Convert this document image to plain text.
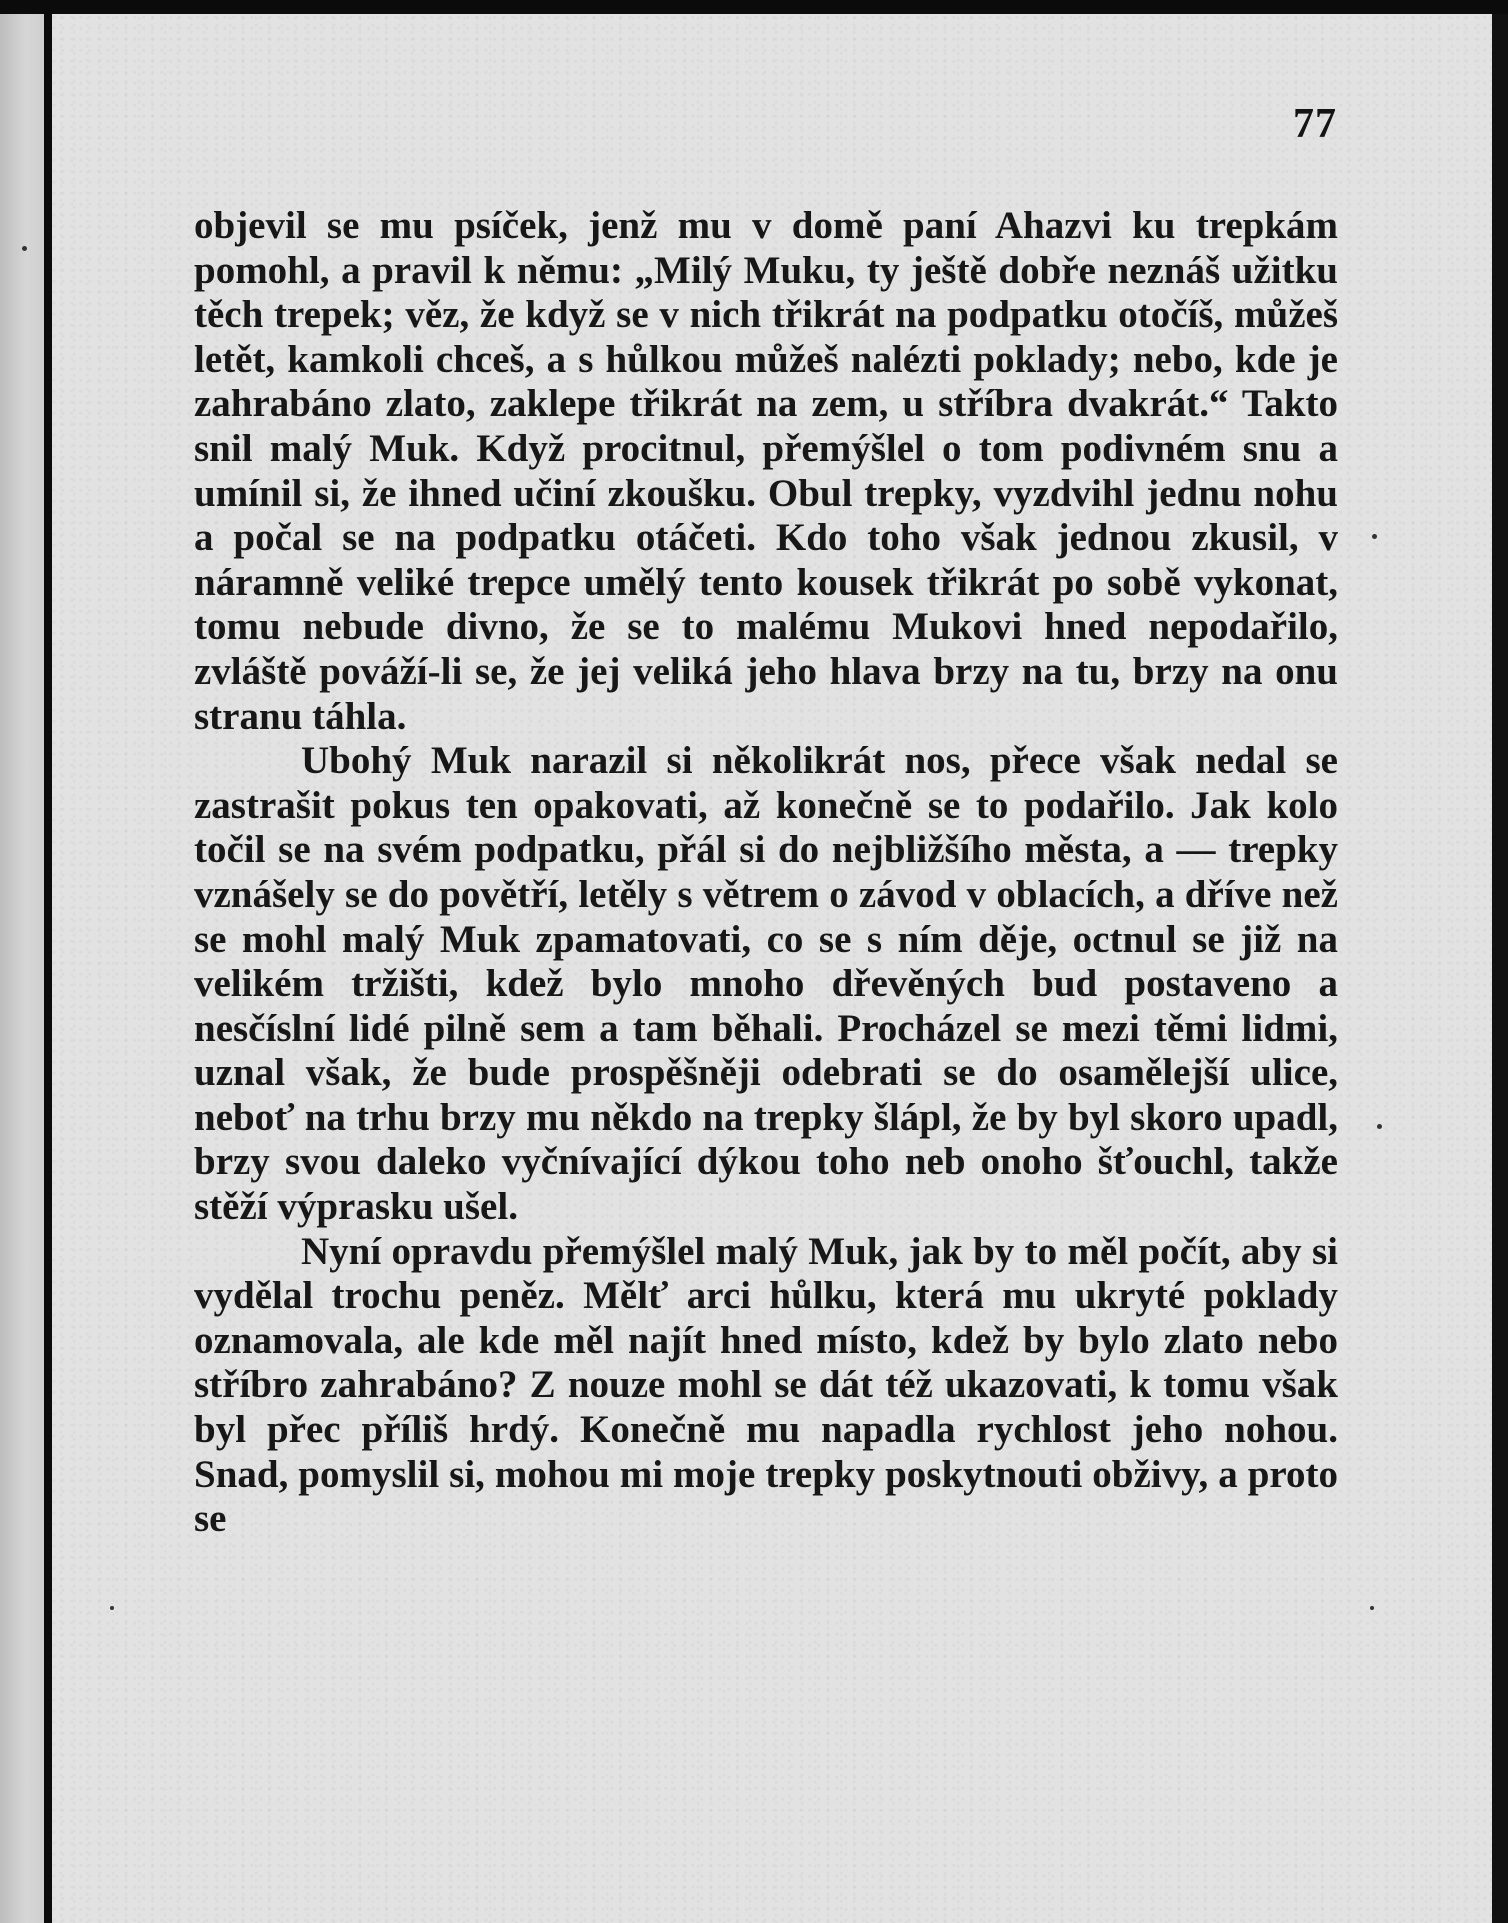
77

objevil se mu psíček, jenž mu v domě paní Ahazvi ku trepkám pomohl, a pravil k němu: „Milý Muku, ty ještě dobře neznáš užitku těch trepek; věz, že když se v nich třikrát na podpatku otočíš, můžeš letět, kamkoli chceš, a s hůlkou můžeš nalézti poklady; nebo, kde je zahrabáno zlato, zaklepe třikrát na zem, u stříbra dvakrát.“ Takto snil malý Muk. Když procitnul, přemýšlel o tom podivném snu a umínil si, že ihned učiní zkoušku. Obul trepky, vyzdvihl jednu nohu a počal se na podpatku otáčeti. Kdo toho však jednou zkusil, v náramně veliké trepce umělý tento kousek třikrát po sobě vykonat, tomu nebude divno, že se to malému Mukovi hned nepodařilo, zvláště pováží-li se, že jej veliká jeho hlava brzy na tu, brzy na onu stranu táhla.

Ubohý Muk narazil si několikrát nos, přece však nedal se zastrašit pokus ten opakovati, až konečně se to podařilo. Jak kolo točil se na svém podpatku, přál si do nejbližšího města, a — trepky vznášely se do povětří, letěly s větrem o závod v oblacích, a dříve než se mohl malý Muk zpamatovati, co se s ním děje, octnul se již na velikém tržišti, kdež bylo mnoho dřevěných bud postaveno a nesčíslní lidé pilně sem a tam běhali. Procházel se mezi těmi lidmi, uznal však, že bude prospěšněji odebrati se do osamělejší ulice, neboť na trhu brzy mu někdo na trepky šlápl, že by byl skoro upadl, brzy svou daleko vyčnívající dýkou toho neb onoho šťouchl, takže stěží výprasku ušel.

Nyní opravdu přemýšlel malý Muk, jak by to měl počít, aby si vydělal trochu peněz. Mělť arci hůlku, která mu ukryté poklady oznamovala, ale kde měl najít hned místo, kdež by bylo zlato nebo stříbro zahrabáno? Z nouze mohl se dát též ukazovati, k tomu však byl přec příliš hrdý. Konečně mu napadla rychlost jeho nohou. Snad, pomyslil si, mohou mi moje trepky poskytnouti obživy, a proto se
